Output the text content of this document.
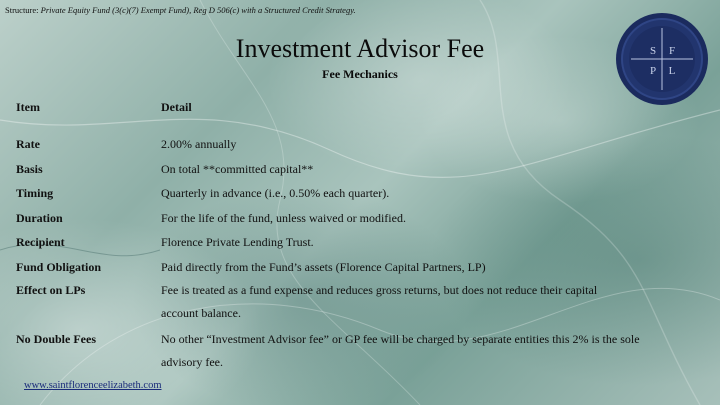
Structure: Private Equity Fund (3(c)(7) Exempt Fund), Reg D 506(c) with a Structured Credit Strategy.
Investment Advisor Fee
Fee Mechanics
S F
P L
Item	Detail
Rate	2.00% annually
Basis	On total **committed capital**
Timing	Quarterly in advance (i.e., 0.50% each quarter).
Duration	For the life of the fund, unless waived or modified.
Recipient	Florence Private Lending Trust.
Fund Obligation	Paid directly from the Fund’s assets (Florence Capital Partners, LP)
Effect on LPs	Fee is treated as a fund expense and reduces gross returns, but does not reduce their capital
account balance.
No Double Fees	No other “Investment Advisor fee” or GP fee will be charged by separate entities this 2% is the sole
advisory fee.
www.saintflorenceelizabeth.com
